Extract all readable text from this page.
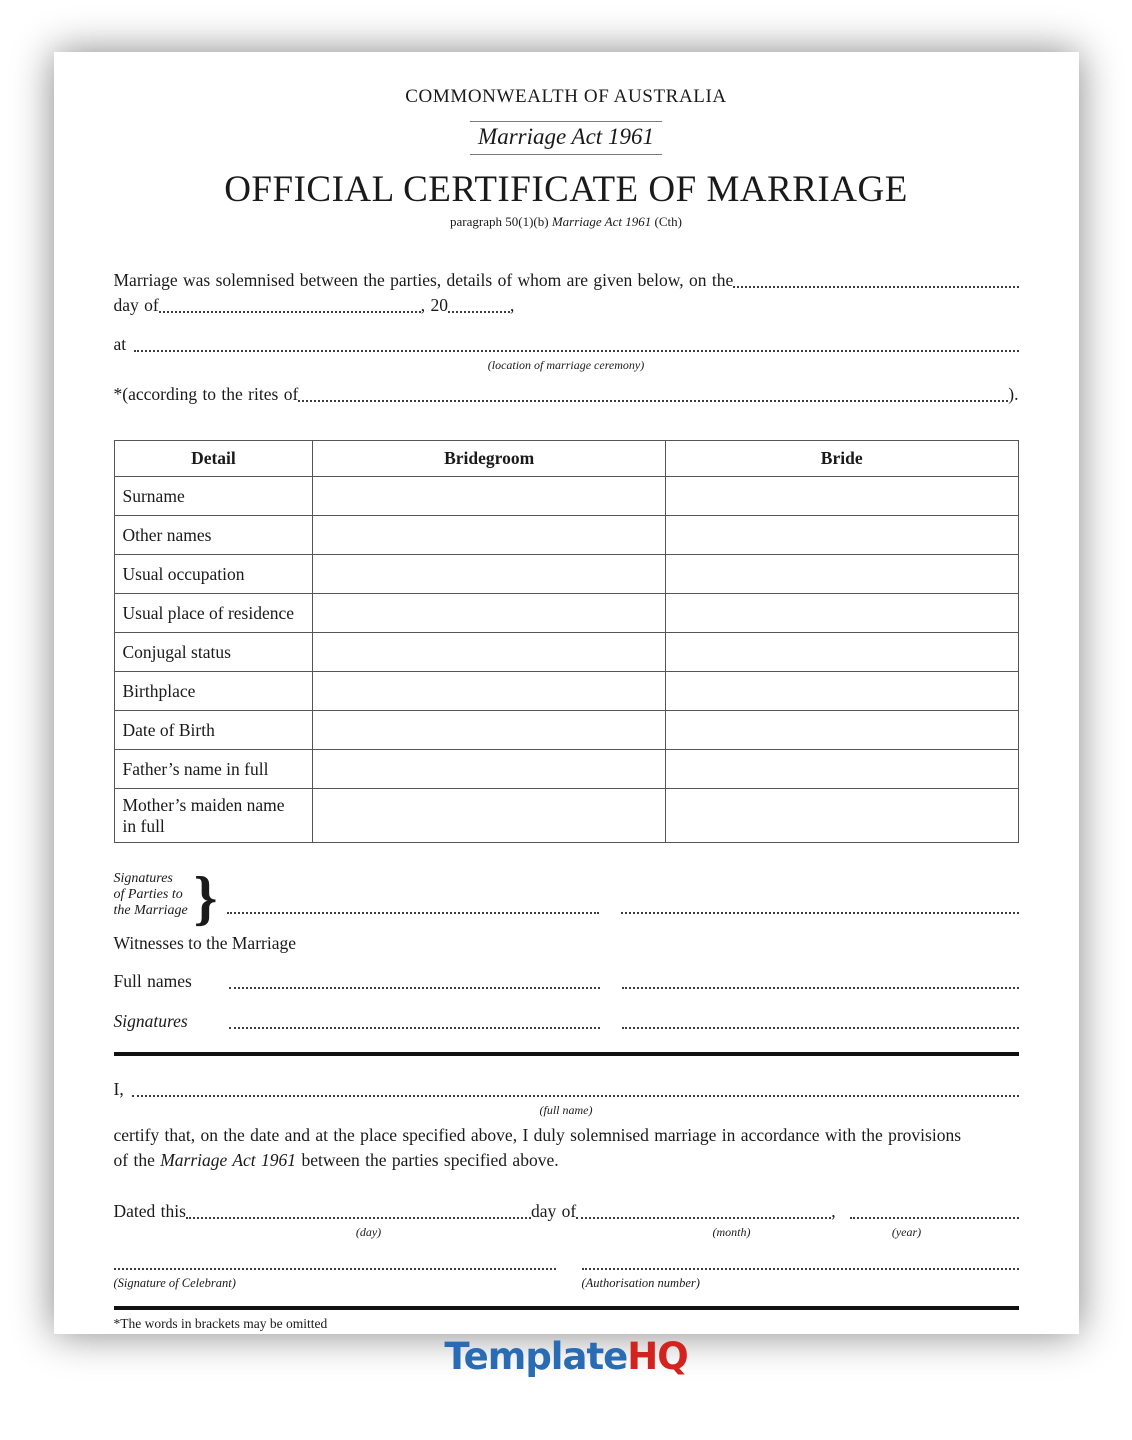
COMMONWEALTH OF AUSTRALIA
Marriage Act 1961
OFFICIAL CERTIFICATE OF MARRIAGE
paragraph 50(1)(b) Marriage Act 1961 (Cth)
Marriage was solemnised between the parties, details of whom are given below, on the
day of	, 20	,
at
(location of marriage ceremony)
*(according to the rites of	).
Detail	Bridegroom	Bride
Surname		
Other names		
Usual occupation		
Usual place of residence		
Conjugal status		
Birthplace		
Date of Birth		
Father’s name in full		
Mother’s maiden name in full		
Signatures
of Parties to
the Marriage }
Witnesses to the Marriage
Full names
Signatures
I,
(full name)
certify that, on the date and at the place specified above, I duly solemnised marriage in accordance with the provisions
of the Marriage Act 1961 between the parties specified above.
Dated this	day of	,
(day)	(month)	(year)
(Signature of Celebrant)	(Authorisation number)
*The words in brackets may be omitted
TemplateHQ
